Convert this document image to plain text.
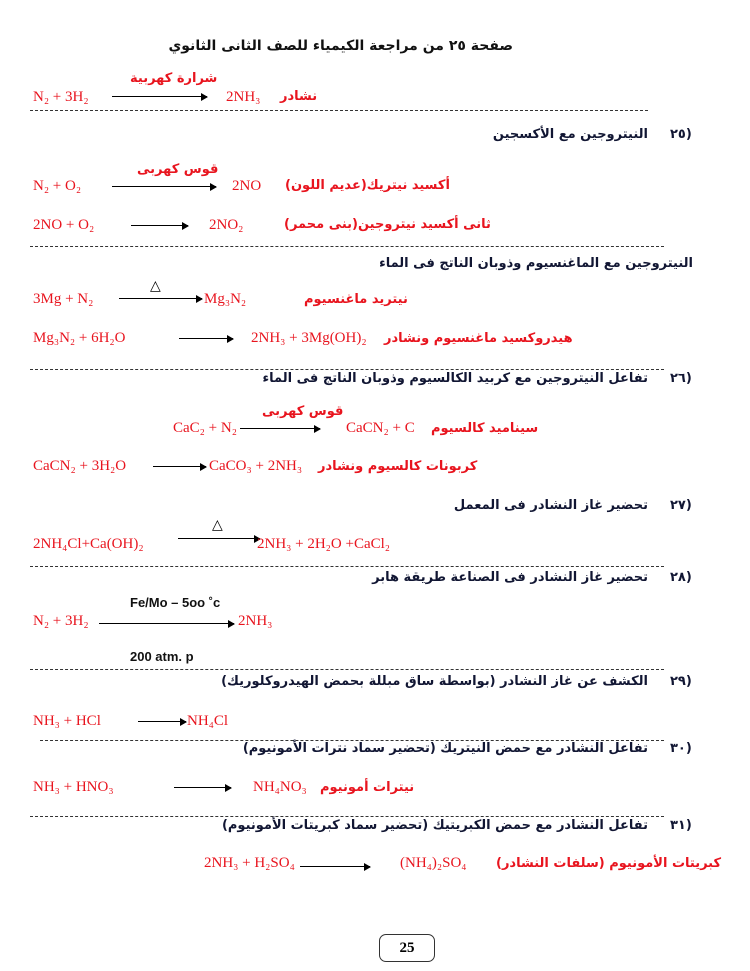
صفحة ٢٥ من مراجعة الكيمياء للصف الثانى الثانوي
N₂ + 3H₂
شرارة كهربية
2NH₃ نشادر
٢٥)
النيتروجين مع الأكسجين
N₂ + O₂
قوس كهربى
2NO أكسيد نيتريك(عديم اللون)
2NO + O₂	2NO₂	ثانى أكسيد نيتروجين(بنى محمر)
النيتروجين مع الماغنسيوم وذوبان الناتج فى الماء
3Mg + N₂
△
Mg₃N₂	نيتريد ماغنسيوم
Mg₃N₂ + 6H₂O	2NH₃ + 3Mg(OH)₂ هيدروكسيد ماغنسيوم ونشادر
٢٦)
تفاعل النيتروجين مع كربيد الكالسيوم وذوبان الناتج فى الماء
CaC₂ + N₂
قوس كهربى
CaCN₂ + C سيناميد كالسيوم
CaCN₂ + 3H₂O	CaCO₃ + 2NH₃ كربونات كالسيوم ونشادر
٢٧)
تحضير غاز النشادر فى المعمل
2NH₄Cl+Ca(OH)₂
△
2NH₃ + 2H₂O +CaCl₂
٢٨)
تحضير غاز النشادر فى الصناعة طريقة هابر
Fe/Mo – 5oo ˚c
N₂ + 3H₂	2NH₃
200 atm. p
٢٩)
الكشف عن غاز النشادر (بواسطة ساق مبللة بحمض الهيدروكلوريك)
NH₃ + HCl	NH₄Cl
٣٠)
تفاعل النشادر مع حمض النيتريك (تحضير سماد نترات الأمونيوم)
NH₃ + HNO₃	NH₄NO₃ نيترات أمونيوم
٣١)
تفاعل النشادر مع حمض الكبريتيك (تحضير سماد كبريتات الأمونيوم)
2NH₃ + H₂SO₄	(NH₄)₂SO₄ كبريتات الأمونيوم (سلفات النشادر)
25
